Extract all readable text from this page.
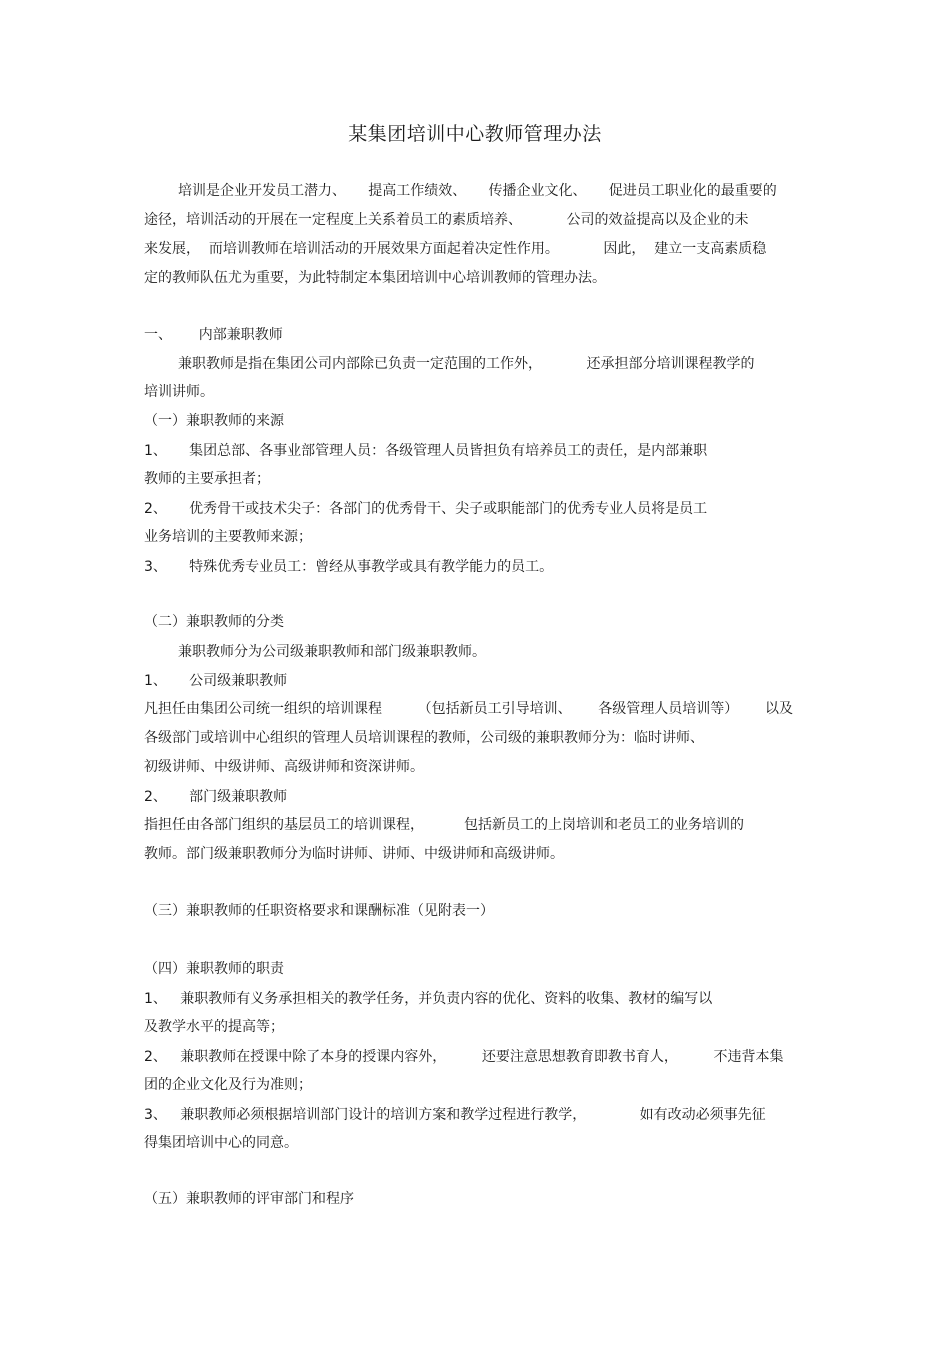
某集团培训中心教师管理办法
培训是企业开发员工潜力、     提高工作绩效、     传播企业文化、     促进员工职业化的最重要的
途径，培训活动的开展在一定程度上关系着员工的素质培养、          公司的效益提高以及企业的未
来发展，  而培训教师在培训活动的开展效果方面起着决定性作用。          因此，  建立一支高素质稳
定的教师队伍尤为重要，为此特制定本集团培训中心培训教师的管理办法。
一、      内部兼职教师
兼职教师是指在集团公司内部除已负责一定范围的工作外，          还承担部分培训课程教学的
培训讲师。
（一）兼职教师的来源
1、     集团总部、各事业部管理人员：各级管理人员皆担负有培养员工的责任，是内部兼职
教师的主要承担者；
2、     优秀骨干或技术尖子：各部门的优秀骨干、尖子或职能部门的优秀专业人员将是员工
业务培训的主要教师来源；
3、     特殊优秀专业员工：曾经从事教学或具有教学能力的员工。
（二）兼职教师的分类
兼职教师分为公司级兼职教师和部门级兼职教师。
1、     公司级兼职教师
凡担任由集团公司统一组织的培训课程        （包括新员工引导培训、      各级管理人员培训等）      以及
各级部门或培训中心组织的管理人员培训课程的教师，公司级的兼职教师分为：临时讲师、
初级讲师、中级讲师、高级讲师和资深讲师。
2、     部门级兼职教师
指担任由各部门组织的基层员工的培训课程，         包括新员工的上岗培训和老员工的业务培训的
教师。部门级兼职教师分为临时讲师、讲师、中级讲师和高级讲师。
（三）兼职教师的任职资格要求和课酬标准（见附表一）
（四）兼职教师的职责
1、   兼职教师有义务承担相关的教学任务，并负责内容的优化、资料的收集、教材的编写以
及教学水平的提高等；
2、   兼职教师在授课中除了本身的授课内容外，        还要注意思想教育即教书育人，        不违背本集
团的企业文化及行为准则；
3、   兼职教师必须根据培训部门设计的培训方案和教学过程进行教学，            如有改动必须事先征
得集团培训中心的同意。
（五）兼职教师的评审部门和程序
